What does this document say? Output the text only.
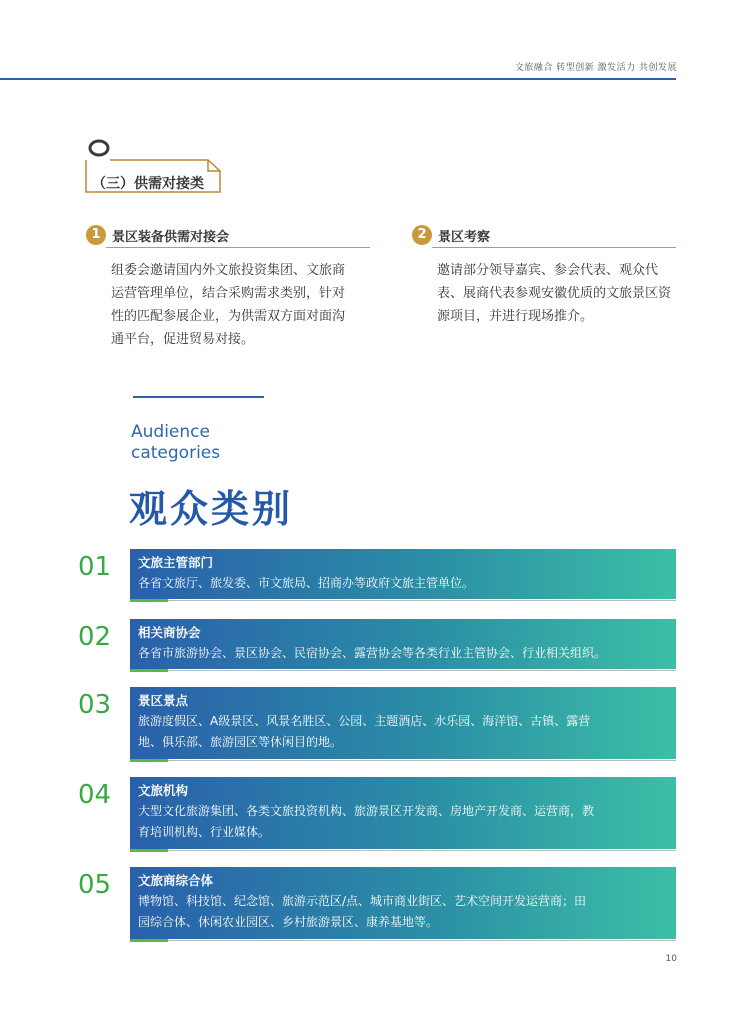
文旅融合 转型创新 激发活力 共创发展
（三）供需对接类
1 景区装备供需对接会
组委会邀请国内外文旅投资集团、文旅商
运营管理单位，结合采购需求类别，针对
性的匹配参展企业，为供需双方面对面沟
通平台，促进贸易对接。
2 景区考察
邀请部分领导嘉宾、参会代表、观众代
表、展商代表参观安徽优质的文旅景区资
源项目，并进行现场推介。
Audience
categories
观众类别
01 文旅主管部门
各省文旅厅、旅发委、市文旅局、招商办等政府文旅主管单位。
02 相关商协会
各省市旅游协会、景区协会、民宿协会、露营协会等各类行业主管协会、行业相关组织。
03 景区景点
旅游度假区、A级景区、风景名胜区、公园、主题酒店、水乐园、海洋馆、古镇、露营
地、俱乐部、旅游园区等休闲目的地。
04 文旅机构
大型文化旅游集团、各类文旅投资机构、旅游景区开发商、房地产开发商、运营商，教
育培训机构、行业媒体。
05 文旅商综合体
博物馆、科技馆、纪念馆、旅游示范区/点、城市商业街区、艺术空间开发运营商；田
园综合体、休闲农业园区、乡村旅游景区、康养基地等。
10
